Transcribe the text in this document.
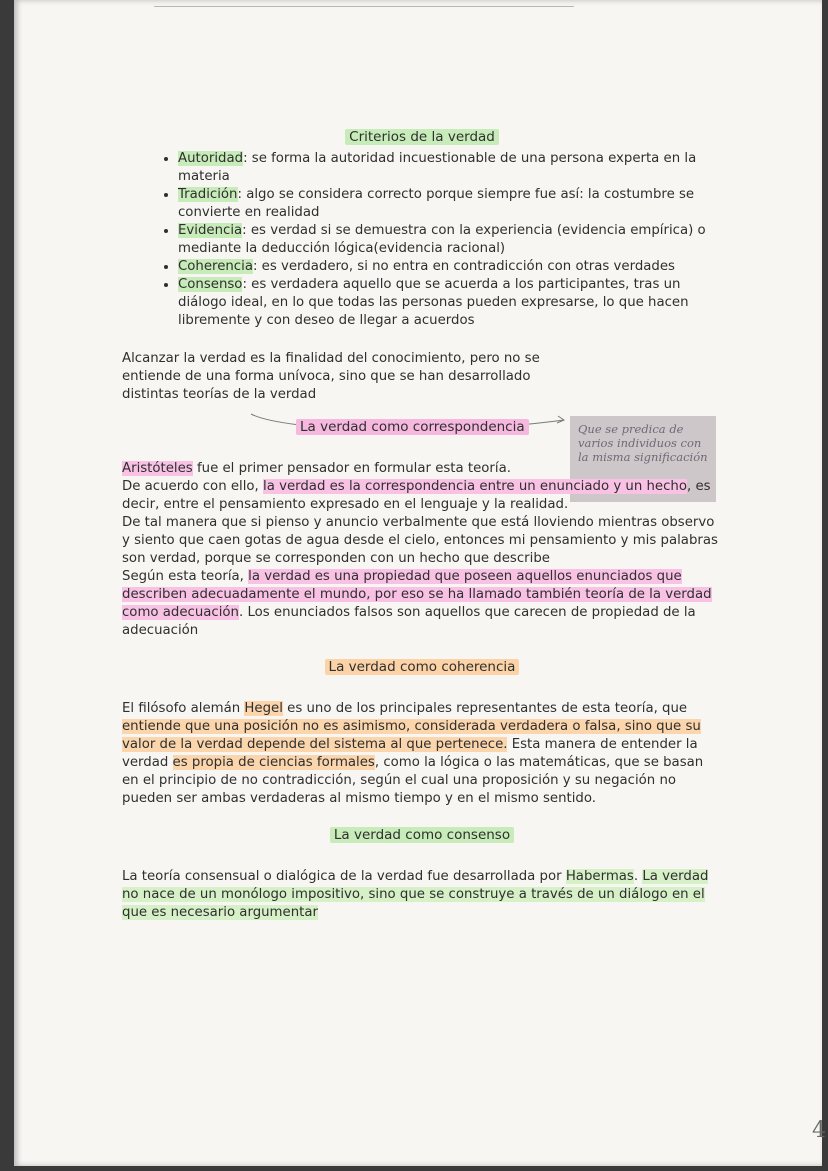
Que se predica de varios individuos con la misma significación
Criterios de la verdad
• Autoridad: se forma la autoridad incuestionable de una persona experta en la materia
• Tradición: algo se considera correcto porque siempre fue así: la costumbre se convierte en realidad
• Evidencia: es verdad si se demuestra con la experiencia (evidencia empírica) o mediante la deducción lógica(evidencia racional)
• Coherencia: es verdadero, si no entra en contradicción con otras verdades
• Consenso: es verdadera aquello que se acuerda a los participantes, tras un diálogo ideal, en lo que todas las personas pueden expresarse, lo que hacen libremente y con deseo de llegar a acuerdos

Alcanzar la verdad es la finalidad del conocimiento, pero no se entiende de una forma unívoca, sino que se han desarrollado distintas teorías de la verdad

La verdad como correspondencia
Aristóteles fue el primer pensador en formular esta teoría.

De acuerdo con ello, la verdad es la correspondencia entre un enunciado y un hecho, es decir, entre el pensamiento expresado en el lenguaje y la realidad.

De tal manera que si pienso y anuncio verbalmente que está lloviendo mientras observo y siento que caen gotas de agua desde el cielo, entonces mi pensamiento y mis palabras son verdad, porque se corresponden con un hecho que describe

Según esta teoría, la verdad es una propiedad que poseen aquellos enunciados que describen adecuadamente el mundo, por eso se ha llamado también teoría de la verdad como adecuación. Los enunciados falsos son aquellos que carecen de propiedad de la adecuación

La verdad como coherencia

El filósofo alemán Hegel es uno de los principales representantes de esta teoría, que entiende que una posición no es asimismo, considerada verdadera o falsa, sino que su valor de la verdad depende del sistema al que pertenece. Esta manera de entender la verdad es propia de ciencias formales, como la lógica o las matemáticas, que se basan en el principio de no contradicción, según el cual una proposición y su negación no pueden ser ambas verdaderas al mismo tiempo y en el mismo sentido.

La verdad como consenso

La teoría consensual o dialógica de la verdad fue desarrollada por Habermas. La verdad no nace de un monólogo impositivo, sino que se construye a través de un diálogo en el que es necesario argumentar

4
